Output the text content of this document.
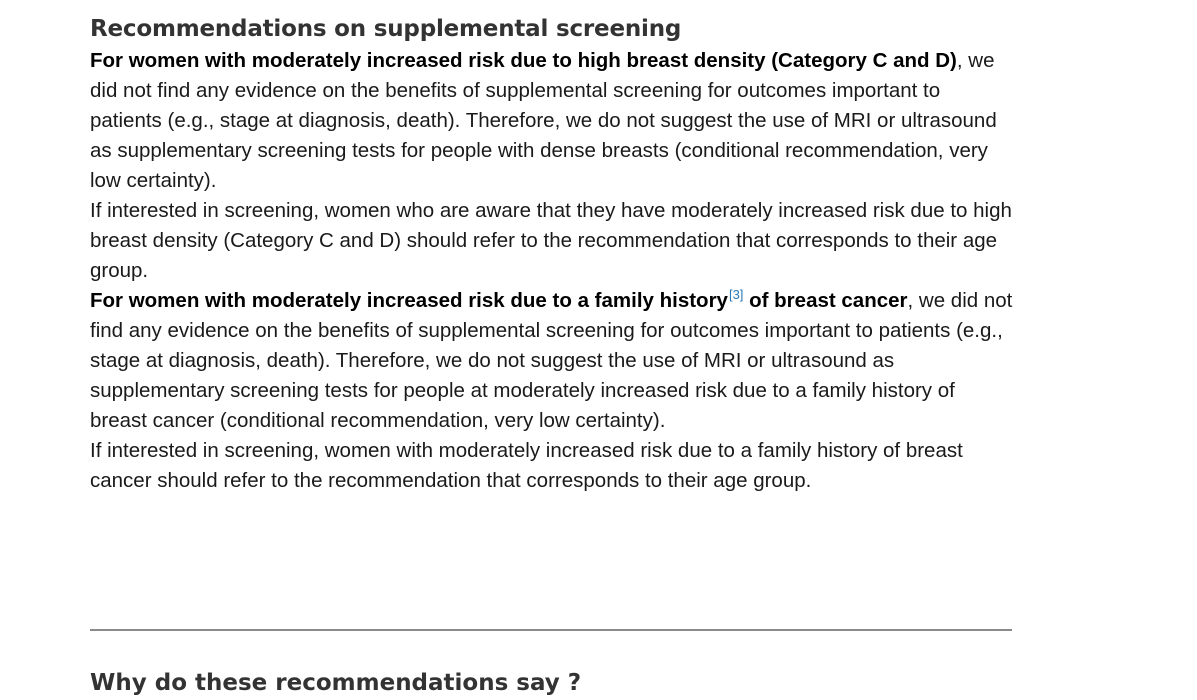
Recommendations on supplemental screening

For women with moderately increased risk due to high breast density (Category C and D), we did not find any evidence on the benefits of supplemental screening for outcomes important to patients (e.g., stage at diagnosis, death). Therefore, we do not suggest the use of MRI or ultrasound as supplementary screening tests for people with dense breasts (conditional recommendation, very low certainty).

If interested in screening, women who are aware that they have moderately increased risk due to high breast density (Category C and D) should refer to the recommendation that corresponds to their age group.

For women with moderately increased risk due to a family history[3] of breast cancer, we did not find any evidence on the benefits of supplemental screening for outcomes important to patients (e.g., stage at diagnosis, death). Therefore, we do not suggest the use of MRI or ultrasound as supplementary screening tests for people at moderately increased risk due to a family history of breast cancer (conditional recommendation, very low certainty).

If interested in screening, women with moderately increased risk due to a family history of breast cancer should refer to the recommendation that corresponds to their age group.

Why do these recommendations say ?
